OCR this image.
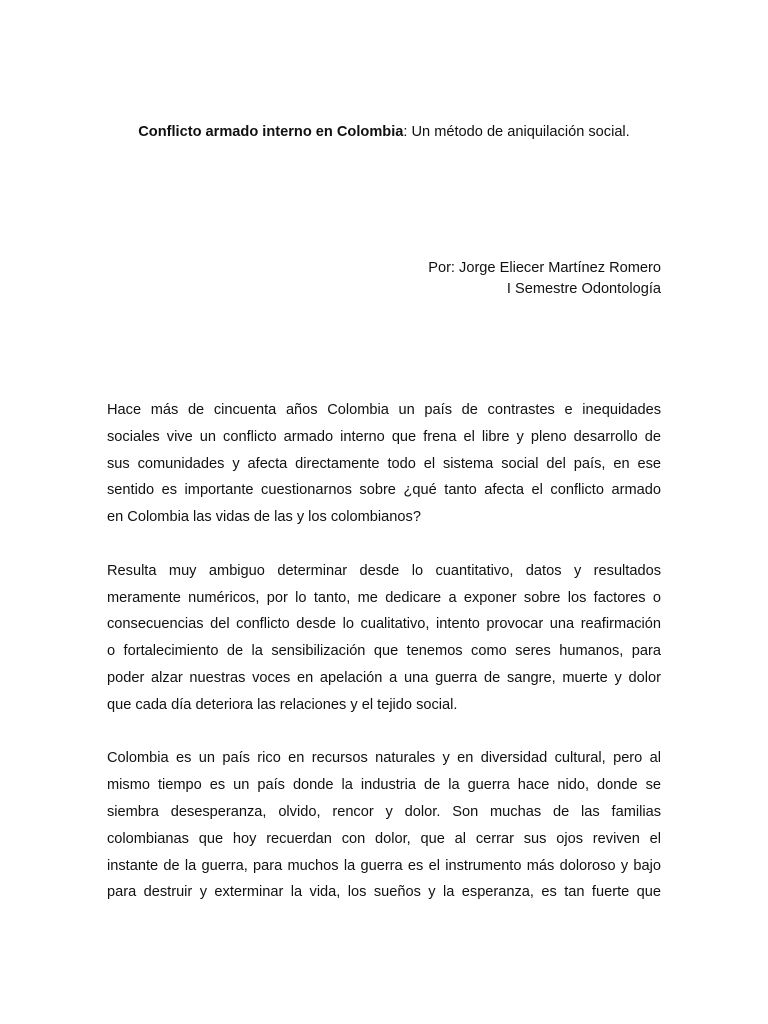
Conflicto armado interno en Colombia: Un método de aniquilación social.
Por: Jorge Eliecer Martínez Romero
I Semestre Odontología
Hace más de cincuenta años Colombia un país de contrastes e inequidades
sociales vive un conflicto armado interno que frena el libre y pleno desarrollo de
sus comunidades y afecta directamente todo el sistema social del país, en ese
sentido es importante cuestionarnos sobre ¿qué tanto afecta el conflicto armado
en Colombia las vidas de las y los colombianos?
Resulta muy ambiguo determinar desde lo cuantitativo, datos y resultados
meramente numéricos, por lo tanto, me dedicare a exponer sobre los factores o
consecuencias del conflicto desde lo cualitativo, intento provocar una reafirmación
o fortalecimiento de la sensibilización que tenemos como seres humanos, para
poder alzar nuestras voces en apelación a una guerra de sangre, muerte y dolor
que cada día deteriora las relaciones y el tejido social.
Colombia es un país rico en recursos naturales y en diversidad cultural, pero al
mismo tiempo es un país donde la industria de la guerra hace nido, donde se
siembra desesperanza, olvido, rencor y dolor. Son muchas de las familias
colombianas que hoy recuerdan con dolor, que al cerrar sus ojos reviven el
instante de la guerra, para muchos la guerra es el instrumento más doloroso y bajo
para destruir y exterminar la vida, los sueños y la esperanza, es tan fuerte que
